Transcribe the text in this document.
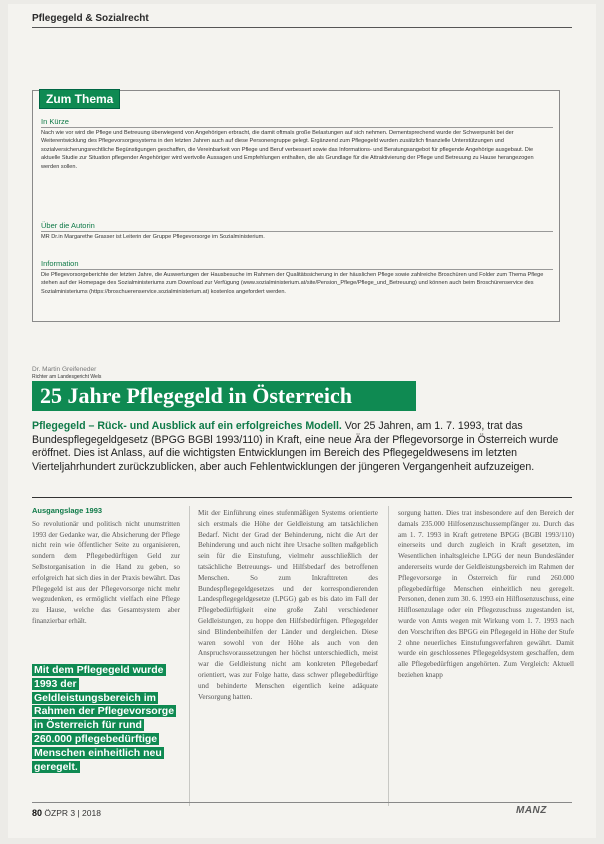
Pflegegeld & Sozialrecht
Zum Thema
In Kürze
Nach wie vor wird die Pflege und Betreuung überwiegend von Angehörigen erbracht, die damit oftmals große Belastungen auf sich nehmen. Dementsprechend wurde der Schwerpunkt bei der Weiterentwicklung des Pflegevorsorgesystems in den letzten Jahren auch auf diese Personengruppe gelegt. Ergänzend zum Pflegegeld wurden zusätzlich finanzielle Unterstützungen und sozialversicherungsrechtliche Begünstigungen geschaffen, die Vereinbarkeit von Pflege und Beruf verbessert sowie das Informations- und Beratungsangebot für pflegende Angehörige ausgebaut. Die aktuelle Studie zur Situation pflegender Angehöriger wird wertvolle Aussagen und Empfehlungen enthalten, die als Grundlage für die Attraktivierung der Pflege und Betreuung zu Hause herangezogen werden sollen.
Über die Autorin
MR Dr.in Margarethe Grasser ist Leiterin der Gruppe Pflegevorsorge im Sozialministerium.
Information
Die Pflegevorsorgeberichte der letzten Jahre, die Auswertungen der Hausbesuche im Rahmen der Qualitätssicherung in der häuslichen Pflege sowie zahlreiche Broschüren und Folder zum Thema Pflege stehen auf der Homepage des Sozialministeriums zum Download zur Verfügung (www.sozialministerium.at/site/Pension_Pflege/Pflege_und_Betreuung) und können auch beim Broschürenservice des Sozialministeriums (https://broschuerenservice.sozialministerium.at) kostenlos angefordert werden.
Dr. Martin Greifeneder
Richter am Landesgericht Wels
25 Jahre Pflegegeld in Österreich
Pflegegeld – Rück- und Ausblick auf ein erfolgreiches Modell. Vor 25 Jahren, am 1. 7. 1993, trat das Bundespflegegeldgesetz (BPGG BGBl 1993/110) in Kraft, eine neue Ära der Pflegevorsorge in Österreich wurde eröffnet. Dies ist Anlass, auf die wichtigsten Entwicklungen im Bereich des Pflegegeldwesens im letzten Vierteljahrhundert zurückzublicken, aber auch Fehlentwicklungen der jüngeren Vergangenheit aufzuzeigen.
Ausgangslage 1993
So revolutionär und politisch nicht unumstritten 1993 der Gedanke war, die Absicherung der Pflege nicht rein wie öffentlicher Seite zu organisieren, sondern dem Pflegebedürftigen Geld zur Selbstorganisation in die Hand zu geben, so erfolgreich hat sich dies in der Praxis bewährt. Das Pflegegeld ist aus der Pflegevorsorge nicht mehr wegzudenken, es ermöglicht vielfach eine Pflege zu Hause, welche das Gesamtsystem aber finanzierbar erhält.
Mit dem Pflegegeld wurde 1993 der Geldleistungsbereich im Rahmen der Pflegevorsorge in Österreich für rund 260.000 pflegebedürftige Menschen einheitlich neu geregelt.
Mit der Einführung eines stufenmäßigen Systems orientierte sich erstmals die Höhe der Geldleistung am tatsächlichen Bedarf. Nicht der Grad der Behinderung, nicht die Art der Behinderung und auch nicht ihre Ursache sollten maßgeblich sein für die Einstufung, vielmehr ausschließlich der tatsächliche Betreuungs- und Hilfsbedarf des betroffenen Menschen. So zum Inkrafttreten des Bundespflegegeldgesetzes und der korrespondierenden Landespflegegeldgesetze (LPGG) gab es bis dato im Fall der Pflegebedürftigkeit eine große Zahl verschiedener Geldleistungen, zu hoppe den Hilfsbedürftigen. Pflegegelder sind Blindenbeihilfen der Länder und dergleichen. Diese waren sowohl von der Höhe als auch von den Anspruchsvoraussetzungen her höchst unterschiedlich, meist war die Geldleistung nicht am konkreten Pflegebedarf orientiert, was zur Folge hatte, dass schwer pflegebedürftige und behinderte Menschen eigentlich keine adäquate Versorgung hatten.
sorgung hatten. Dies trat insbesondere auf den Bereich der damals 235.000 Hilfosenzuschussempfänger zu. Durch das am 1. 7. 1993 in Kraft getretene BPGG (BGBl 1993/110) einerseits und durch zugleich in Kraft gesetzten, im Wesentlichen inhaltsgleiche LPGG der neun Bundesländer andererseits wurde der Geldleistungsbereich im Rahmen der Pflegevorsorge in Österreich für rund 260.000 pflegebedürftige Menschen einheitlich neu geregelt. Personen, denen zum 30. 6. 1993 ein Hilflosenzuschuss, eine Hilflosenzulage oder ein Pflegezuschuss zugestanden ist, wurde von Amts wegen mit Wirkung vom 1. 7. 1993 nach den Vorschriften des BPGG ein Pflegegeld in Höhe der Stufe 2 ohne neuerliches Einstufungsverfahren gewährt. Damit wurde ein geschlossenes Pflegegeldsystem geschaffen, dem alle Pflegebedürftigen angehörten. Zum Vergleich: Aktuell beziehen knapp
80 ÖZPR 3 | 2018	MANZ
